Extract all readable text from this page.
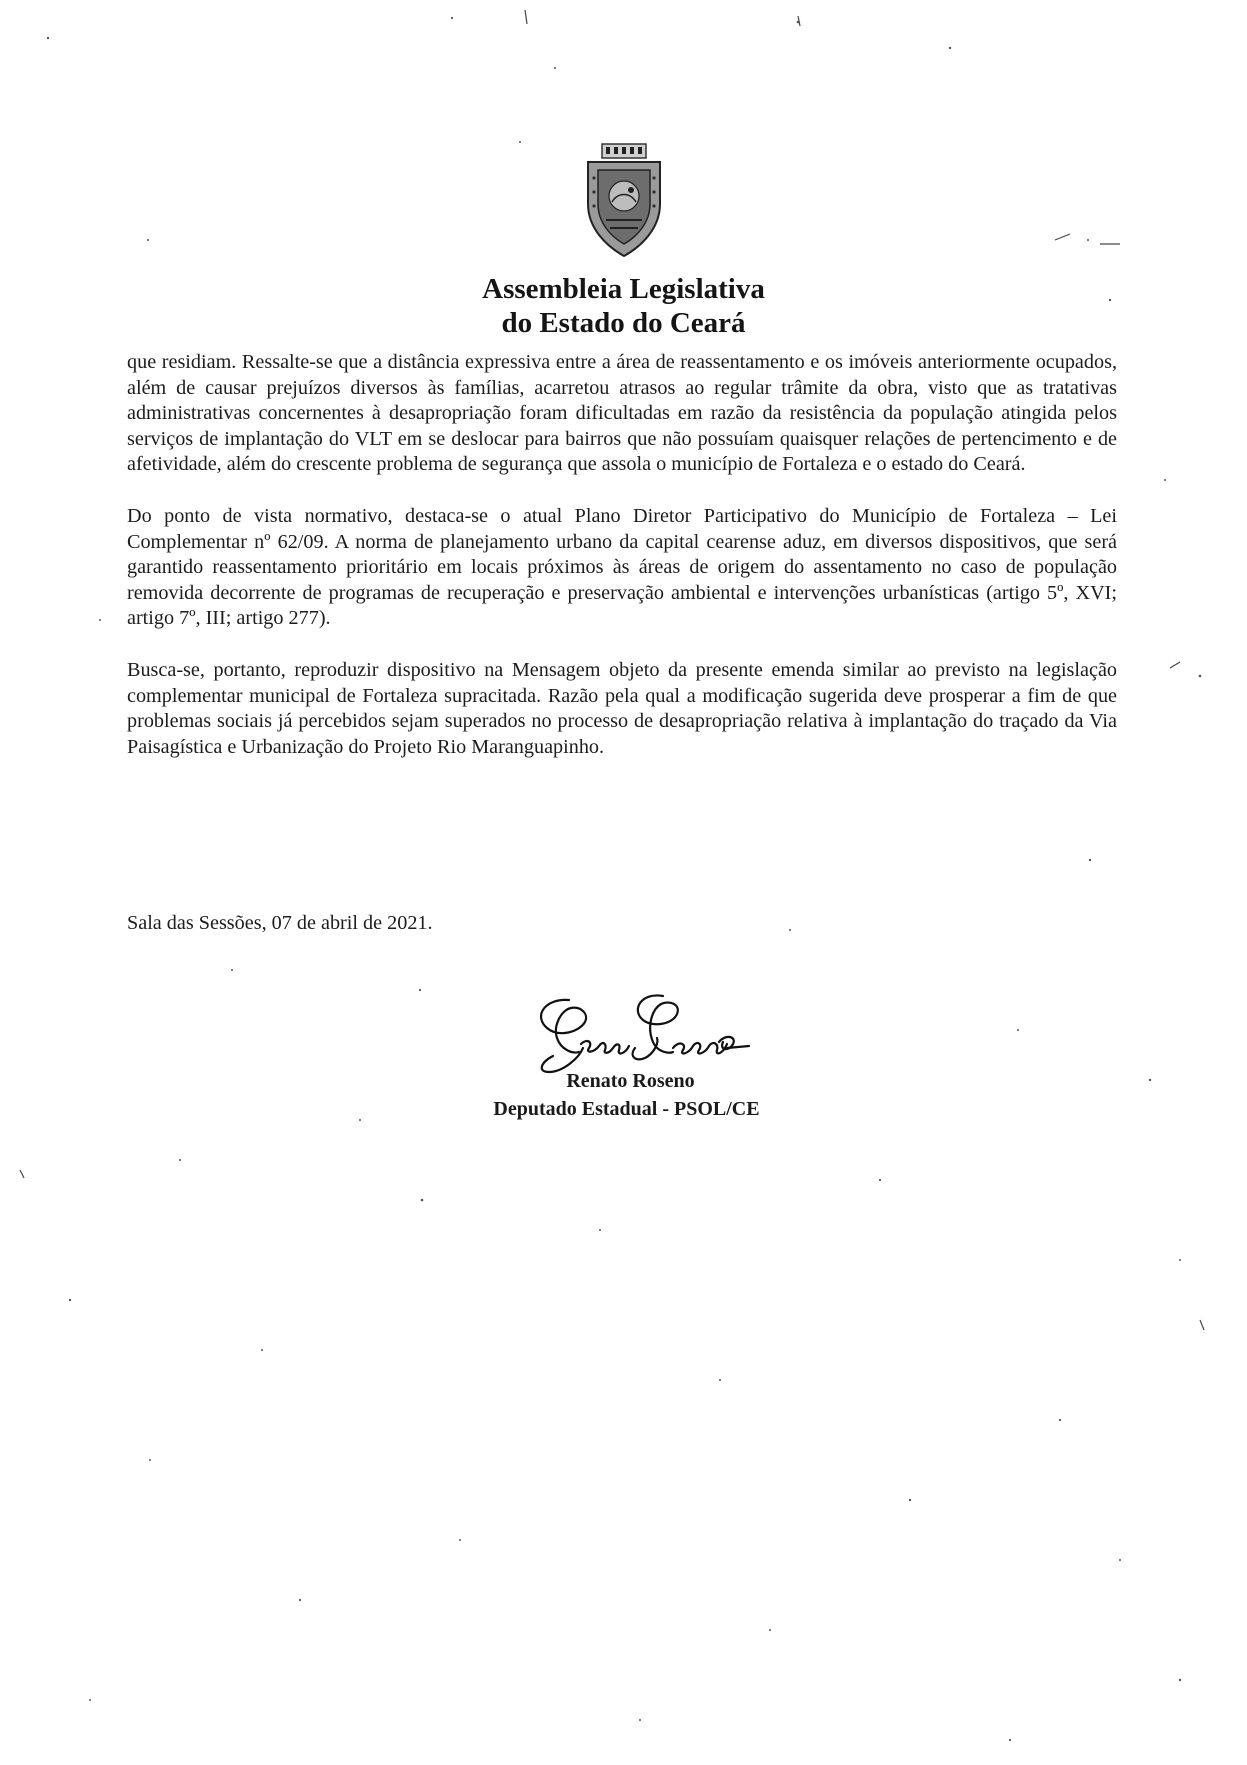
Assembleia Legislativa
do Estado do Ceará

que residiam. Ressalte-se que a distância expressiva entre a área de reassentamento e os imóveis anteriormente ocupados, além de causar prejuízos diversos às famílias, acarretou atrasos ao regular trâmite da obra, visto que as tratativas administrativas concernentes à desapropriação foram dificultadas em razão da resistência da população atingida pelos serviços de implantação do VLT em se deslocar para bairros que não possuíam quaisquer relações de pertencimento e de afetividade, além do crescente problema de segurança que assola o município de Fortaleza e o estado do Ceará.

Do ponto de vista normativo, destaca-se o atual Plano Diretor Participativo do Município de Fortaleza – Lei Complementar nº 62/09. A norma de planejamento urbano da capital cearense aduz, em diversos dispositivos, que será garantido reassentamento prioritário em locais próximos às áreas de origem do assentamento no caso de população removida decorrente de programas de recuperação e preservação ambiental e intervenções urbanísticas (artigo 5º, XVI; artigo 7º, III; artigo 277).

Busca-se, portanto, reproduzir dispositivo na Mensagem objeto da presente emenda similar ao previsto na legislação complementar municipal de Fortaleza supracitada. Razão pela qual a modificação sugerida deve prosperar a fim de que problemas sociais já percebidos sejam superados no processo de desapropriação relativa à implantação do traçado da Via Paisagística e Urbanização do Projeto Rio Maranguapinho.

Sala das Sessões, 07 de abril de 2021.
Renato Roseno
Deputado Estadual - PSOL/CE
